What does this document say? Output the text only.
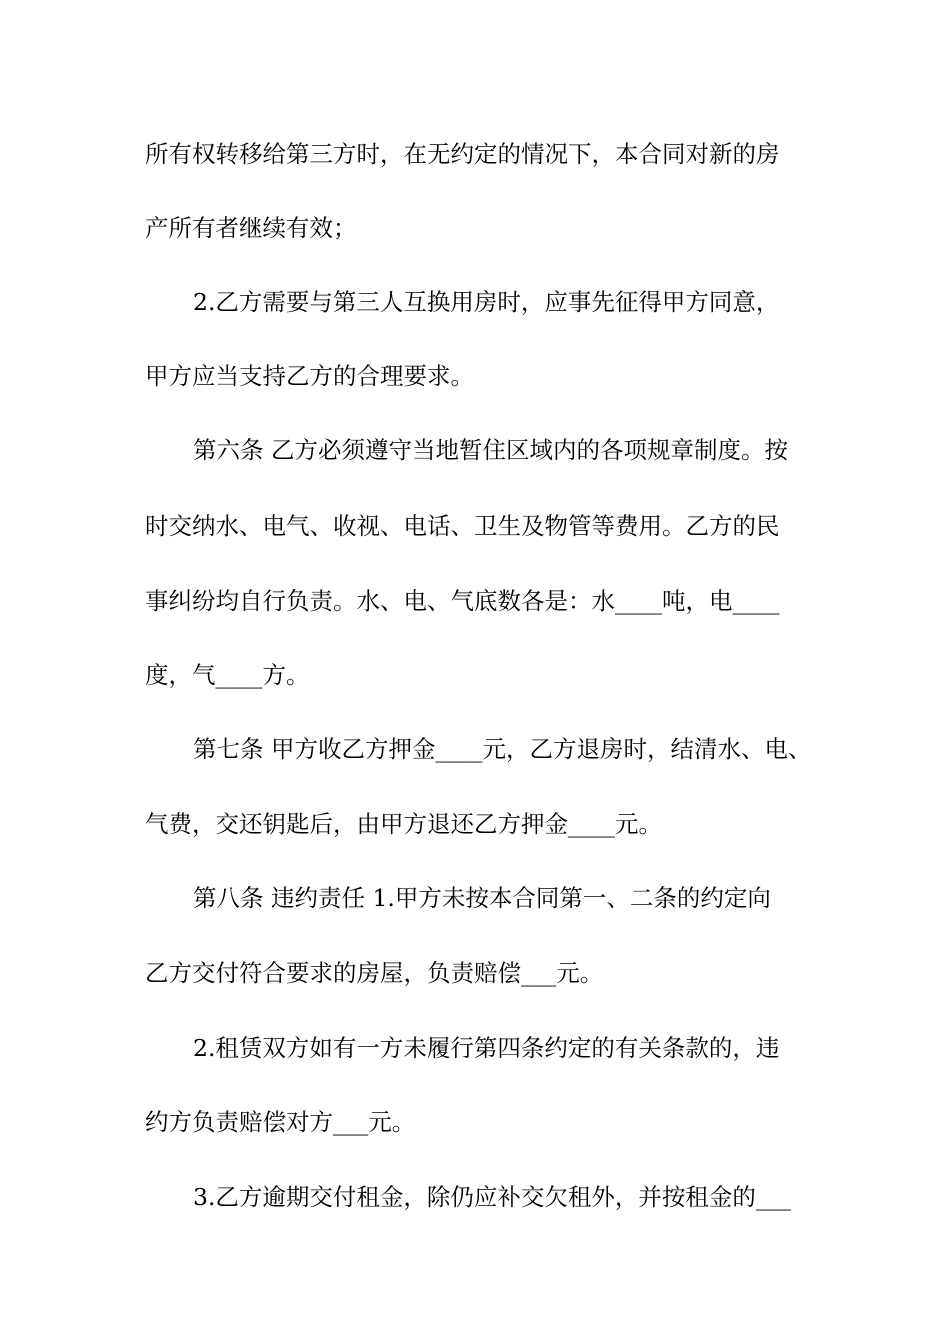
所有权转移给第三方时，在无约定的情况下，本合同对新的房

产所有者继续有效；

2.乙方需要与第三人互换用房时，应事先征得甲方同意，

甲方应当支持乙方的合理要求。

第六条 乙方必须遵守当地暂住区域内的各项规章制度。按

时交纳水、电气、收视、电话、卫生及物管等费用。乙方的民

事纠纷均自行负责。水、电、气底数各是：水____吨，电____

度，气____方。

第七条 甲方收乙方押金____元，乙方退房时，结清水、电、

气费，交还钥匙后，由甲方退还乙方押金____元。

第八条 违约责任 1.甲方未按本合同第一、二条的约定向

乙方交付符合要求的房屋，负责赔偿___元。

2.租赁双方如有一方未履行第四条约定的有关条款的，违

约方负责赔偿对方___元。

3.乙方逾期交付租金，除仍应补交欠租外，并按租金的___
